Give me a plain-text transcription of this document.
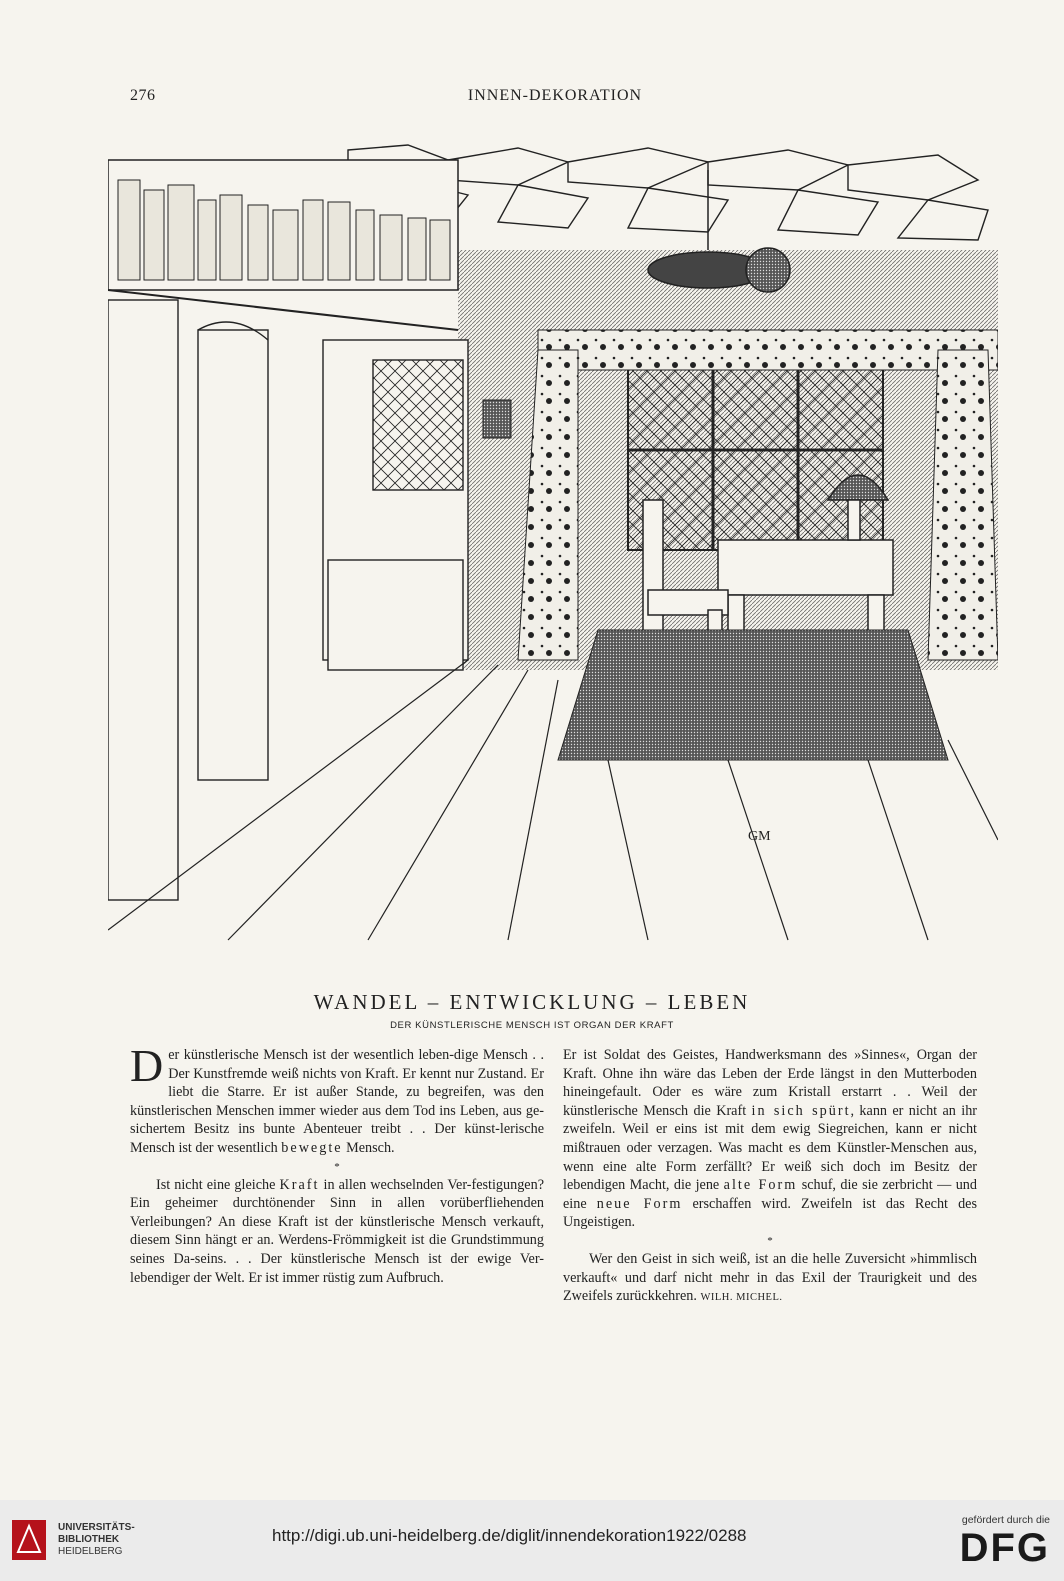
276	INNEN-DEKORATION
GM
WANDEL – ENTWICKLUNG – LEBEN
DER KÜNSTLERISCHE MENSCH IST ORGAN DER KRAFT

Der künstlerische Mensch ist der wesentlich leben-dige Mensch . . Der Kunstfremde weiß nichts von Kraft. Er kennt nur Zustand. Er liebt die Starre. Er ist außer Stande, zu begreifen, was den künstlerischen Menschen immer wieder aus dem Tod ins Leben, aus ge-sichertem Besitz ins bunte Abenteuer treibt . . Der künst-lerische Mensch ist der wesentlich bewegte Mensch.

*

Ist nicht eine gleiche Kraft in allen wechselnden Ver-festigungen? Ein geheimer durchtönender Sinn in allen vorüberfliehenden Verleibungen? An diese Kraft ist der künstlerische Mensch verkauft, diesem Sinn hängt er an. Werdens-Frömmigkeit ist die Grundstimmung seines Da-seins. . . Der künstlerische Mensch ist der ewige Ver-lebendiger der Welt. Er ist immer rüstig zum Aufbruch.

Er ist Soldat des Geistes, Handwerksmann des »Sinnes«, Organ der Kraft. Ohne ihn wäre das Leben der Erde längst in den Mutterboden hineingefault. Oder es wäre zum Kristall erstarrt . . Weil der künstlerische Mensch die Kraft in sich spürt, kann er nicht an ihr zweifeln. Weil er eins ist mit dem ewig Siegreichen, kann er nicht mißtrauen oder verzagen. Was macht es dem Künstler-Menschen aus, wenn eine alte Form zerfällt? Er weiß sich doch im Besitz der lebendigen Macht, die jene alte Form schuf, die sie zerbricht — und eine neue Form erschaffen wird. Zweifeln ist das Recht des Ungeistigen.

*

Wer den Geist in sich weiß, ist an die helle Zuversicht »himmlisch verkauft« und darf nicht mehr in das Exil der Traurigkeit und des Zweifels zurückkehren. WILH. MICHEL.

UNIVERSITÄTS-
BIBLIOTHEK
HEIDELBERG
http://digi.ub.uni-heidelberg.de/diglit/innendekoration1922/0288
gefördert durch die
DFG
